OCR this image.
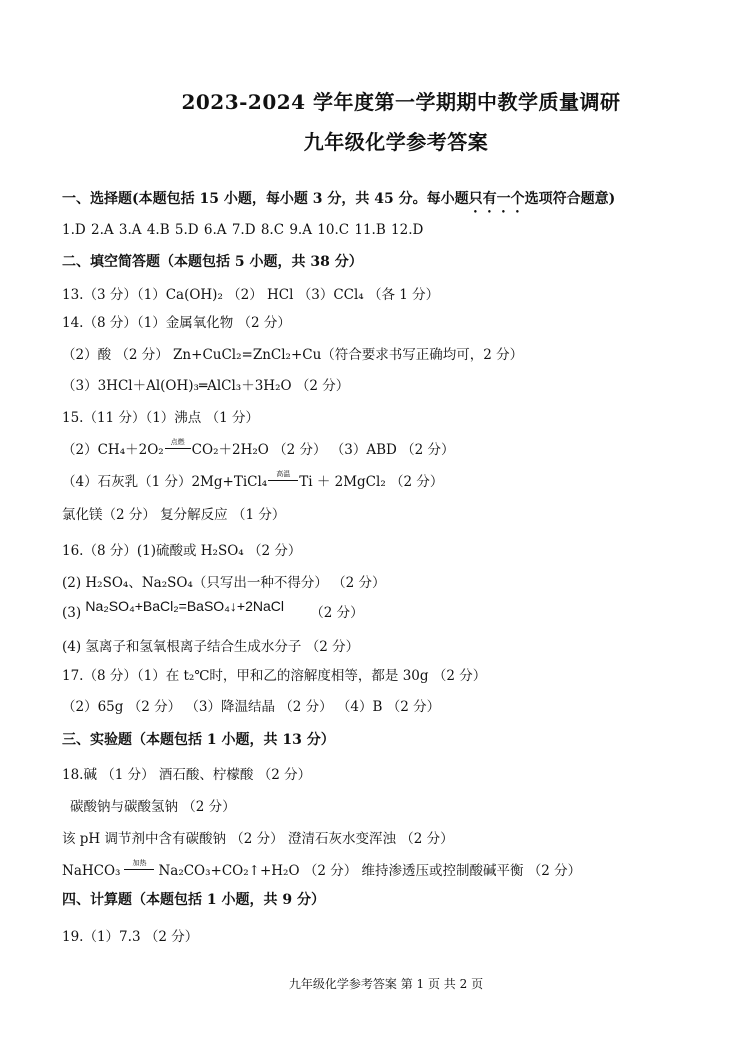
2023-2024 学年度第一学期期中教学质量调研
九年级化学参考答案
一、选择题(本题包括 15 小题，每小题 3 分，共 45 分。每小题只有一个选项符合题意)
1.D 2.A 3.A 4.B 5.D 6.A 7.D 8.C 9.A 10.C 11.B 12.D
二、填空简答题（本题包括 5 小题，共 38 分）
13.（3 分）（1）Ca(OH)₂ （2） HCl （3）CCl₄ （各 1 分）
14.（8 分）（1）金属氧化物 （2 分）
（2）酸 （2 分） Zn+CuCl₂=ZnCl₂+Cu（符合要求书写正确均可，2 分）
（3）3HCl＋Al(OH)₃═AlCl₃＋3H₂O （2 分）
15.（11 分）（1）沸点 （1 分）
（2）CH₄＋2O₂	点燃 CO₂＋2H₂O （2 分） （3）ABD （2 分）
（4）石灰乳（1 分）2Mg+TiCl₄	高温 Ti ＋ 2MgCl₂ （2 分）
氯化镁（2 分） 复分解反应 （1 分）
16.（8 分）(1)硫酸或 H₂SO₄ （2 分）
(2) H₂SO₄、Na₂SO₄（只写出一种不得分） （2 分）
(3) Na₂SO₄+BaCl₂=BaSO₄↓+2NaCl （2 分）
(4) 氢离子和氢氧根离子结合生成水分子 （2 分）
17.（8 分）（1）在 t₂℃时，甲和乙的溶解度相等，都是 30g （2 分）
（2）65g （2 分） （3）降温结晶 （2 分） （4）B （2 分）
三、实验题（本题包括 1 小题，共 13 分）
18.碱 （1 分） 酒石酸、柠檬酸 （2 分）
碳酸钠与碳酸氢钠 （2 分）
该 pH 调节剂中含有碳酸钠 （2 分） 澄清石灰水变浑浊 （2 分）
NaHCO₃	加热 Na₂CO₃+CO₂↑+H₂O （2 分） 维持渗透压或控制酸碱平衡 （2 分）
四、计算题（本题包括 1 小题，共 9 分）
19.（1）7.3 （2 分）
九年级化学参考答案 第 1 页 共 2 页
